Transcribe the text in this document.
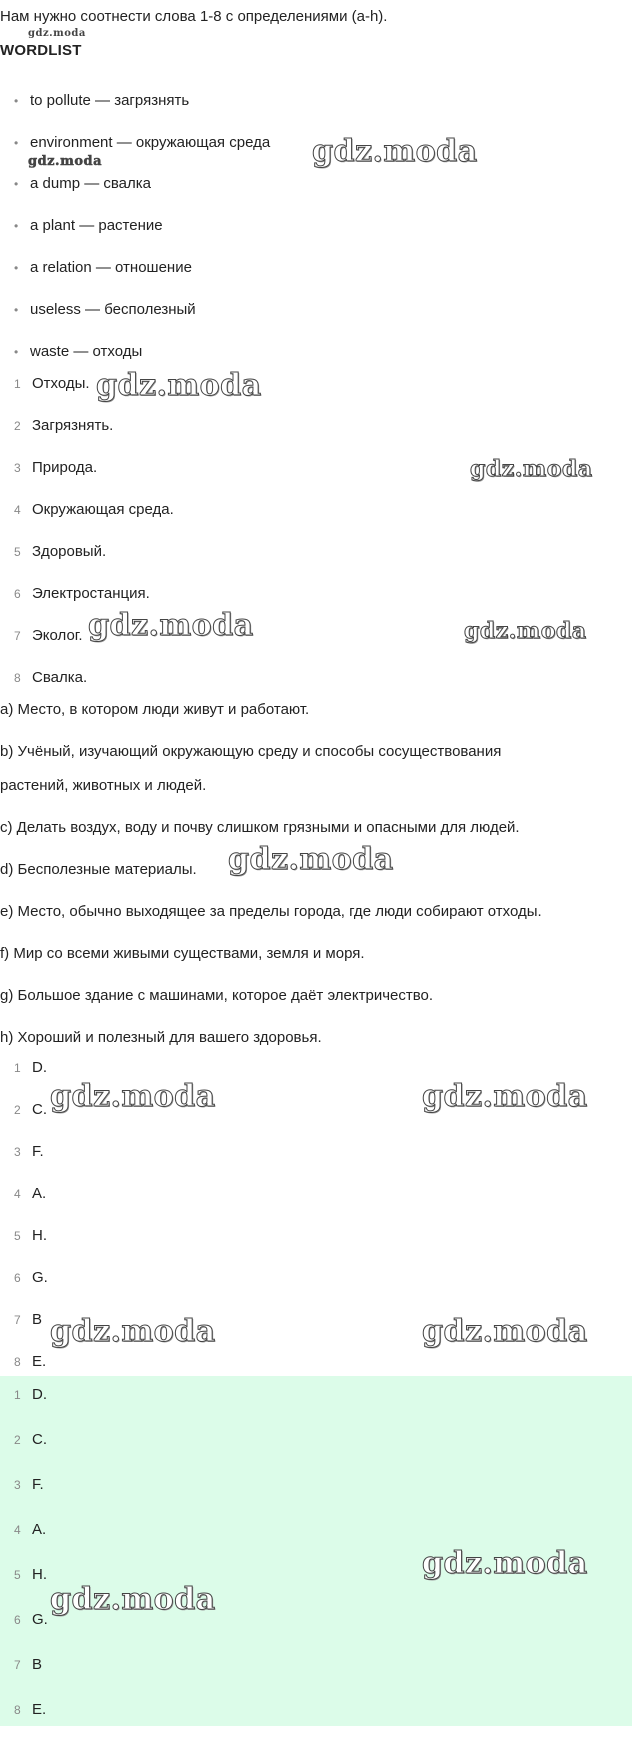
Нам нужно соотнести слова 1-8 с определениями (a-h).
gdz.moda
WORDLIST
• to pollute — загрязнять
• environment — окружающая среда
• a dump — свалка
• a plant — растение
• a relation — отношение
• useless — бесполезный
• waste — отходы
1 Отходы.
2 Загрязнять.
3 Природа.
4 Окружающая среда.
5 Здоровый.
6 Электростанция.
7 Эколог.
8 Свалка.
a) Место, в котором люди живут и работают.
b) Учёный, изучающий окружающую среду и способы сосуществования
растений, животных и людей.
c) Делать воздух, воду и почву слишком грязными и опасными для людей.
d) Бесполезные материалы.
e) Место, обычно выходящее за пределы города, где люди собирают отходы.
f) Мир со всеми живыми существами, земля и моря.
g) Большое здание с машинами, которое даёт электричество.
h) Хороший и полезный для вашего здоровья.
1 D.
2 C.
3 F.
4 A.
5 H.
6 G.
7 B
8 E.
1 D.
2 C.
3 F.
4 A.
5 H.
6 G.
7 B
8 E.
gdz.moda
gdz.moda
gdz.moda
gdz.moda
gdz.moda	gdz.moda
gdz.moda
gdz.moda	gdz.moda
gdz.moda	gdz.moda
gdz.moda
gdz.moda
